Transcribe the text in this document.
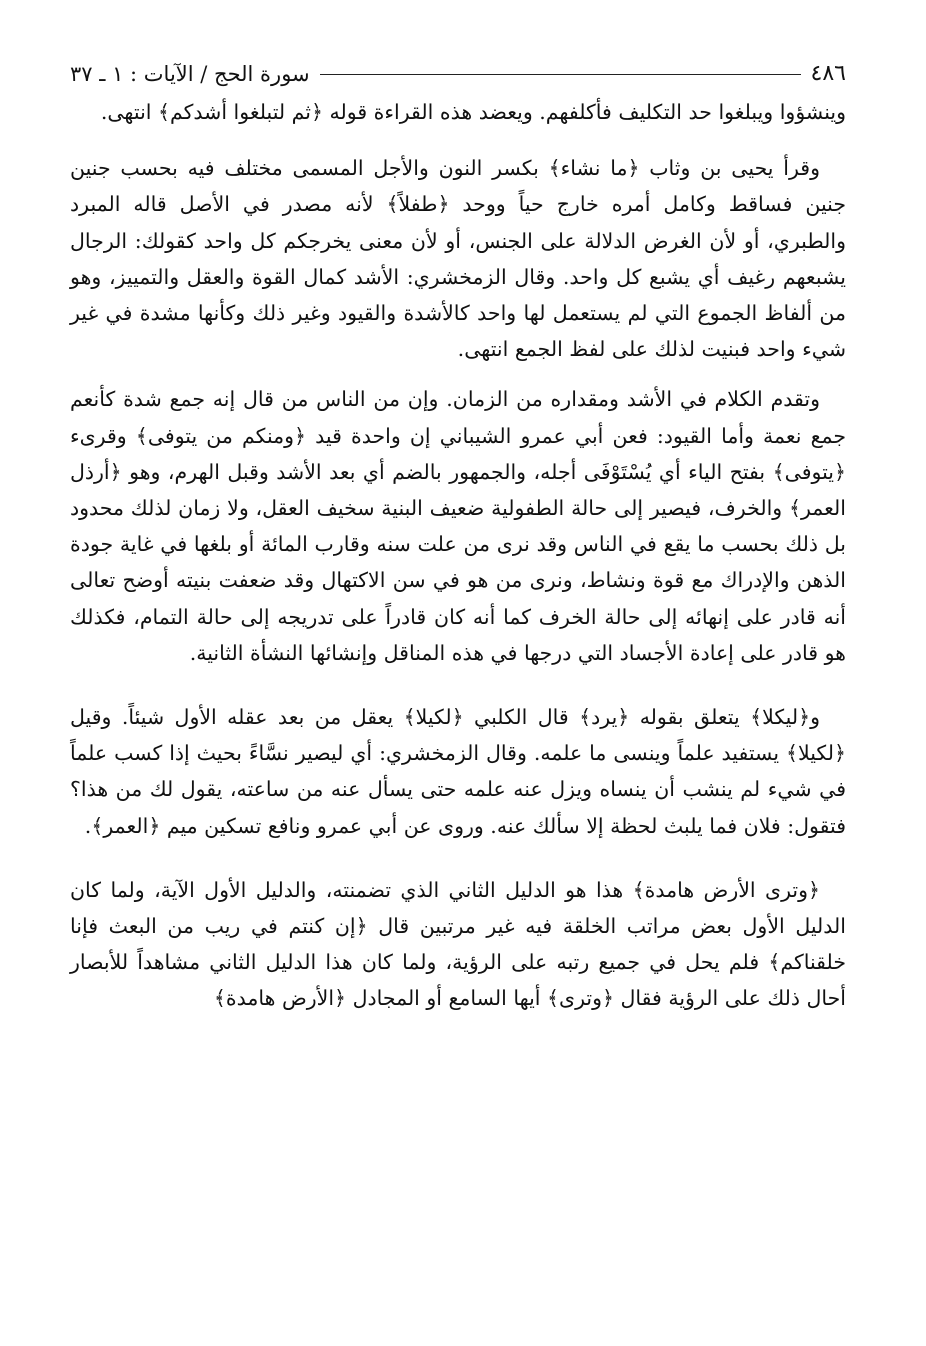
٤٨٦
سورة الحج / الآيات : ١ ـ ٣٧

وينشؤوا ويبلغوا حد التكليف فأكلفهم. ويعضد هذه القراءة قوله ﴿ثم لتبلغوا أشدكم﴾ انتهى.

وقرأ يحيى بن وثاب ﴿ما نشاء﴾ بكسر النون والأجل المسمى مختلف فيه بحسب جنين جنين فساقط وكامل أمره خارج حياً ووحد ﴿طفلاً﴾ لأنه مصدر في الأصل قاله المبرد والطبري، أو لأن الغرض الدلالة على الجنس، أو لأن معنى يخرجكم كل واحد كقولك: الرجال يشبعهم رغيف أي يشبع كل واحد. وقال الزمخشري: الأشد كمال القوة والعقل والتمييز، وهو من ألفاظ الجموع التي لم يستعمل لها واحد كالأشدة والقيود وغير ذلك وكأنها مشدة في غير شيء واحد فبنيت لذلك على لفظ الجمع انتهى.

وتقدم الكلام في الأشد ومقداره من الزمان. وإن من الناس من قال إنه جمع شدة كأنعم جمع نعمة وأما القيود: فعن أبي عمرو الشيباني إن واحدة قيد ﴿ومنكم من يتوفى﴾ وقرىء ﴿يتوفى﴾ بفتح الياء أي يُسْتَوْفَى أجله، والجمهور بالضم أي بعد الأشد وقبل الهرم، وهو ﴿أرذل العمر﴾ والخرف، فيصير إلى حالة الطفولية ضعيف البنية سخيف العقل، ولا زمان لذلك محدود بل ذلك بحسب ما يقع في الناس وقد نرى من علت سنه وقارب المائة أو بلغها في غاية جودة الذهن والإدراك مع قوة ونشاط، ونرى من هو في سن الاكتهال وقد ضعفت بنيته أوضح تعالى أنه قادر على إنهائه إلى حالة الخرف كما أنه كان قادراً على تدريجه إلى حالة التمام، فكذلك هو قادر على إعادة الأجساد التي درجها في هذه المناقل وإنشائها النشأة الثانية.

و﴿ليكلا﴾ يتعلق بقوله ﴿يرد﴾ قال الكلبي ﴿لكيلا﴾ يعقل من بعد عقله الأول شيئاً. وقيل ﴿لكيلا﴾ يستفيد علماً وينسى ما علمه. وقال الزمخشري: أي ليصير نسَّاءً بحيث إذا كسب علماً في شيء لم ينشب أن ينساه ويزل عنه علمه حتى يسأل عنه من ساعته، يقول لك من هذا؟ فتقول: فلان فما يلبث لحظة إلا سألك عنه. وروى عن أبي عمرو ونافع تسكين ميم ﴿العمر﴾.

﴿وترى الأرض هامدة﴾ هذا هو الدليل الثاني الذي تضمنته، والدليل الأول الآية، ولما كان الدليل الأول بعض مراتب الخلقة فيه غير مرتبين قال ﴿إن كنتم في ريب من البعث فإنا خلقناكم﴾ فلم يحل في جميع رتبه على الرؤية، ولما كان هذا الدليل الثاني مشاهداً للأبصار أحال ذلك على الرؤية فقال ﴿وترى﴾ أيها السامع أو المجادل ﴿الأرض هامدة﴾
